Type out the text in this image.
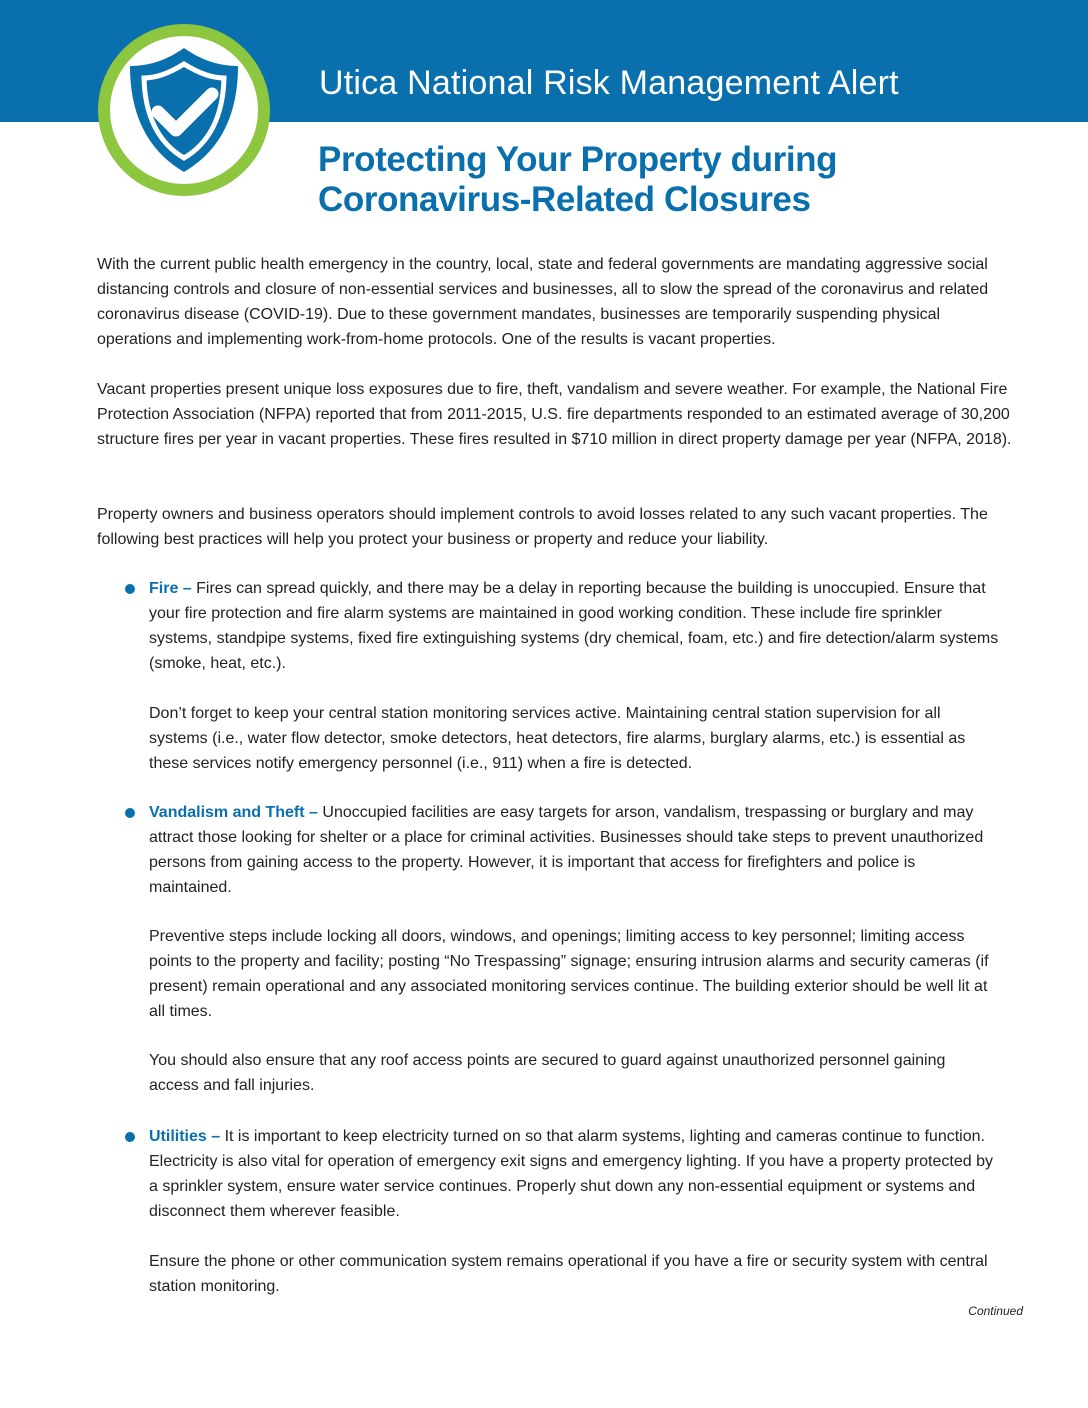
Utica National Risk Management Alert
Protecting Your Property during
Coronavirus-Related Closures

With the current public health emergency in the country, local, state and federal governments are mandating aggressive social distancing controls and closure of non-essential services and businesses, all to slow the spread of the coronavirus and related coronavirus disease (COVID-19). Due to these government mandates, businesses are temporarily suspending physical operations and implementing work-from-home protocols. One of the results is vacant properties.

Vacant properties present unique loss exposures due to fire, theft, vandalism and severe weather. For example, the National Fire Protection Association (NFPA) reported that from 2011-2015, U.S. fire departments responded to an estimated average of 30,200 structure fires per year in vacant properties. These fires resulted in $710 million in direct property damage per year (NFPA, 2018).

Property owners and business operators should implement controls to avoid losses related to any such vacant properties. The following best practices will help you protect your business or property and reduce your liability.

Fire – Fires can spread quickly, and there may be a delay in reporting because the building is unoccupied. Ensure that your fire protection and fire alarm systems are maintained in good working condition. These include fire sprinkler systems, standpipe systems, fixed fire extinguishing systems (dry chemical, foam, etc.) and fire detection/alarm systems (smoke, heat, etc.).

Don’t forget to keep your central station monitoring services active. Maintaining central station supervision for all systems (i.e., water flow detector, smoke detectors, heat detectors, fire alarms, burglary alarms, etc.) is essential as these services notify emergency personnel (i.e., 911) when a fire is detected.

Vandalism and Theft – Unoccupied facilities are easy targets for arson, vandalism, trespassing or burglary and may attract those looking for shelter or a place for criminal activities. Businesses should take steps to prevent unauthorized persons from gaining access to the property. However, it is important that access for firefighters and police is maintained.

Preventive steps include locking all doors, windows, and openings; limiting access to key personnel; limiting access points to the property and facility; posting “No Trespassing” signage; ensuring intrusion alarms and security cameras (if present) remain operational and any associated monitoring services continue. The building exterior should be well lit at all times.

You should also ensure that any roof access points are secured to guard against unauthorized personnel gaining access and fall injuries.

Utilities – It is important to keep electricity turned on so that alarm systems, lighting and cameras continue to function. Electricity is also vital for operation of emergency exit signs and emergency lighting. If you have a property protected by a sprinkler system, ensure water service continues. Properly shut down any non-essential equipment or systems and disconnect them wherever feasible.

Ensure the phone or other communication system remains operational if you have a fire or security system with central station monitoring.

Continued
